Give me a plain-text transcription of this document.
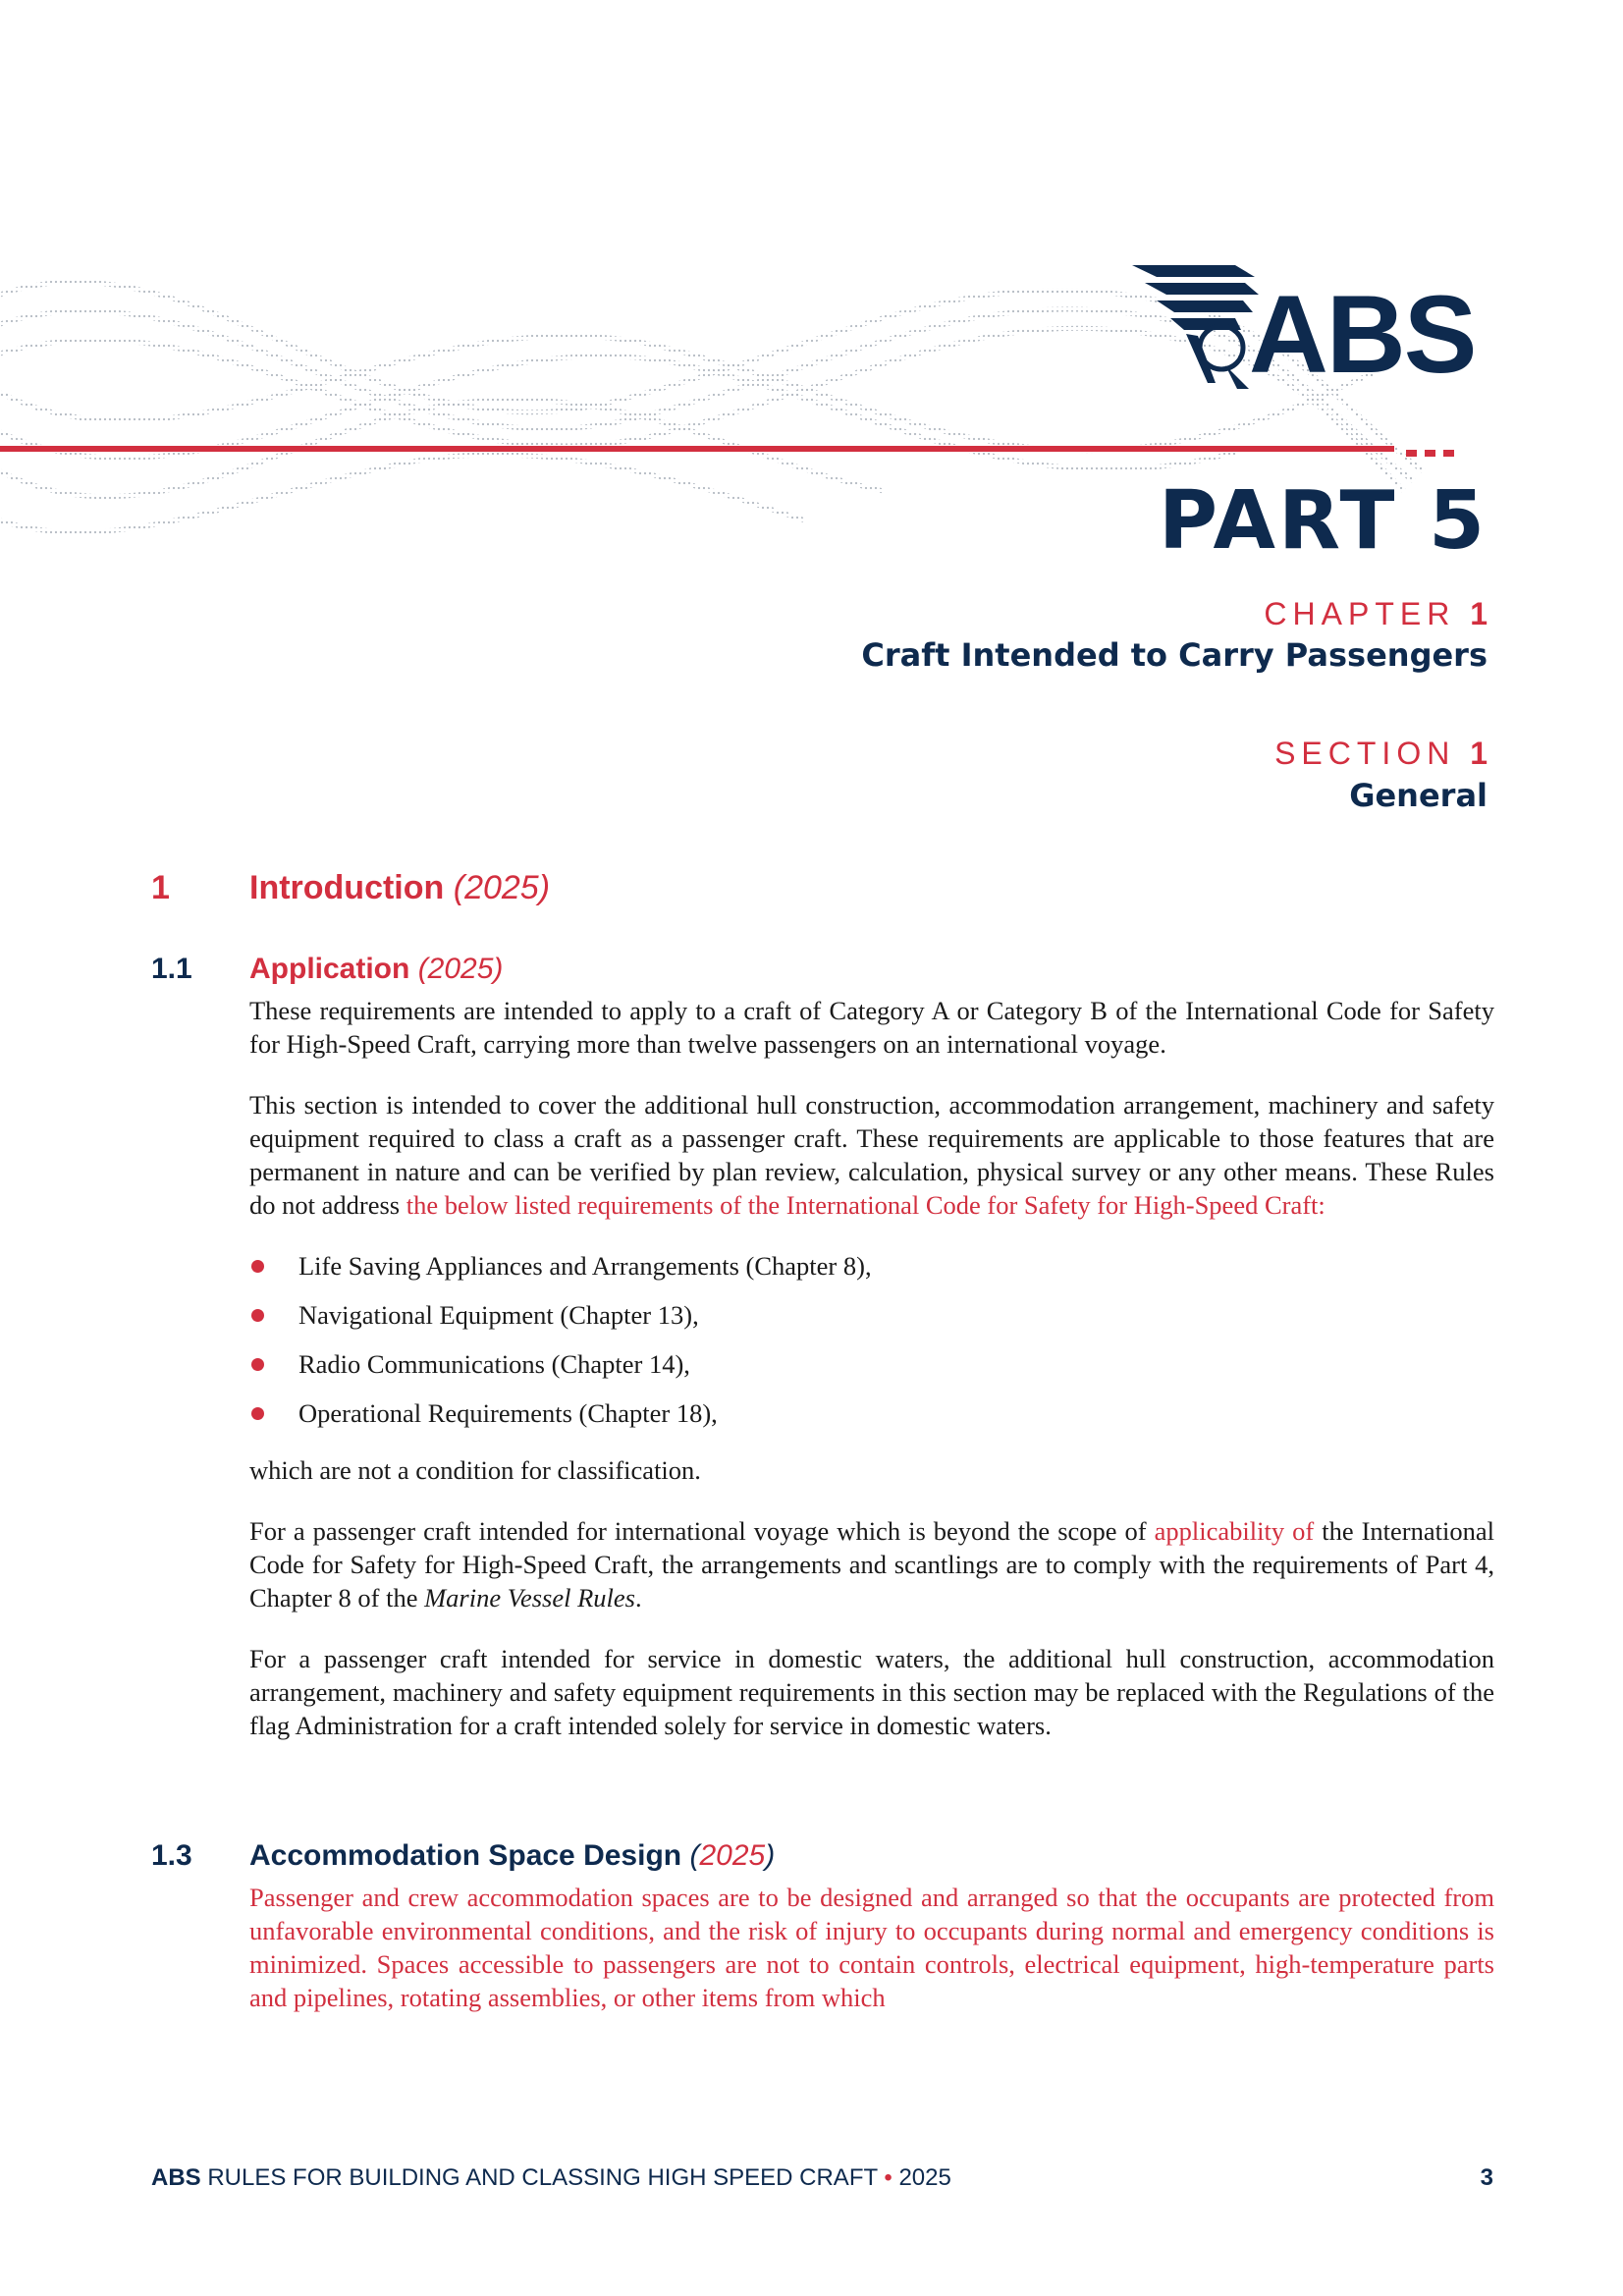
ABS
PART 5
CHAPTER 1
Craft Intended to Carry Passengers
SECTION 1
General
1 Introduction (2025)
1.1 Application (2025)

These requirements are intended to apply to a craft of Category A or Category B of the International Code for Safety for High-Speed Craft, carrying more than twelve passengers on an international voyage.

This section is intended to cover the additional hull construction, accommodation arrangement, machinery and safety equipment required to class a craft as a passenger craft. These requirements are applicable to those features that are permanent in nature and can be verified by plan review, calculation, physical survey or any other means. These Rules do not address the below listed requirements of the International Code for Safety for High-Speed Craft:

Life Saving Appliances and Arrangements (Chapter 8),
Navigational Equipment (Chapter 13),
Radio Communications (Chapter 14),
Operational Requirements (Chapter 18),

which are not a condition for classification.

For a passenger craft intended for international voyage which is beyond the scope of applicability of the International Code for Safety for High-Speed Craft, the arrangements and scantlings are to comply with the requirements of Part 4, Chapter 8 of the Marine Vessel Rules.

For a passenger craft intended for service in domestic waters, the additional hull construction, accommodation arrangement, machinery and safety equipment requirements in this section may be replaced with the Regulations of the flag Administration for a craft intended solely for service in domestic waters.

1.3 Accommodation Space Design (2025)

Passenger and crew accommodation spaces are to be designed and arranged so that the occupants are protected from unfavorable environmental conditions, and the risk of injury to occupants during normal and emergency conditions is minimized. Spaces accessible to passengers are not to contain controls, electrical equipment, high-temperature parts and pipelines, rotating assemblies, or other items from which

ABS RULES FOR BUILDING AND CLASSING HIGH SPEED CRAFT • 2025	3
